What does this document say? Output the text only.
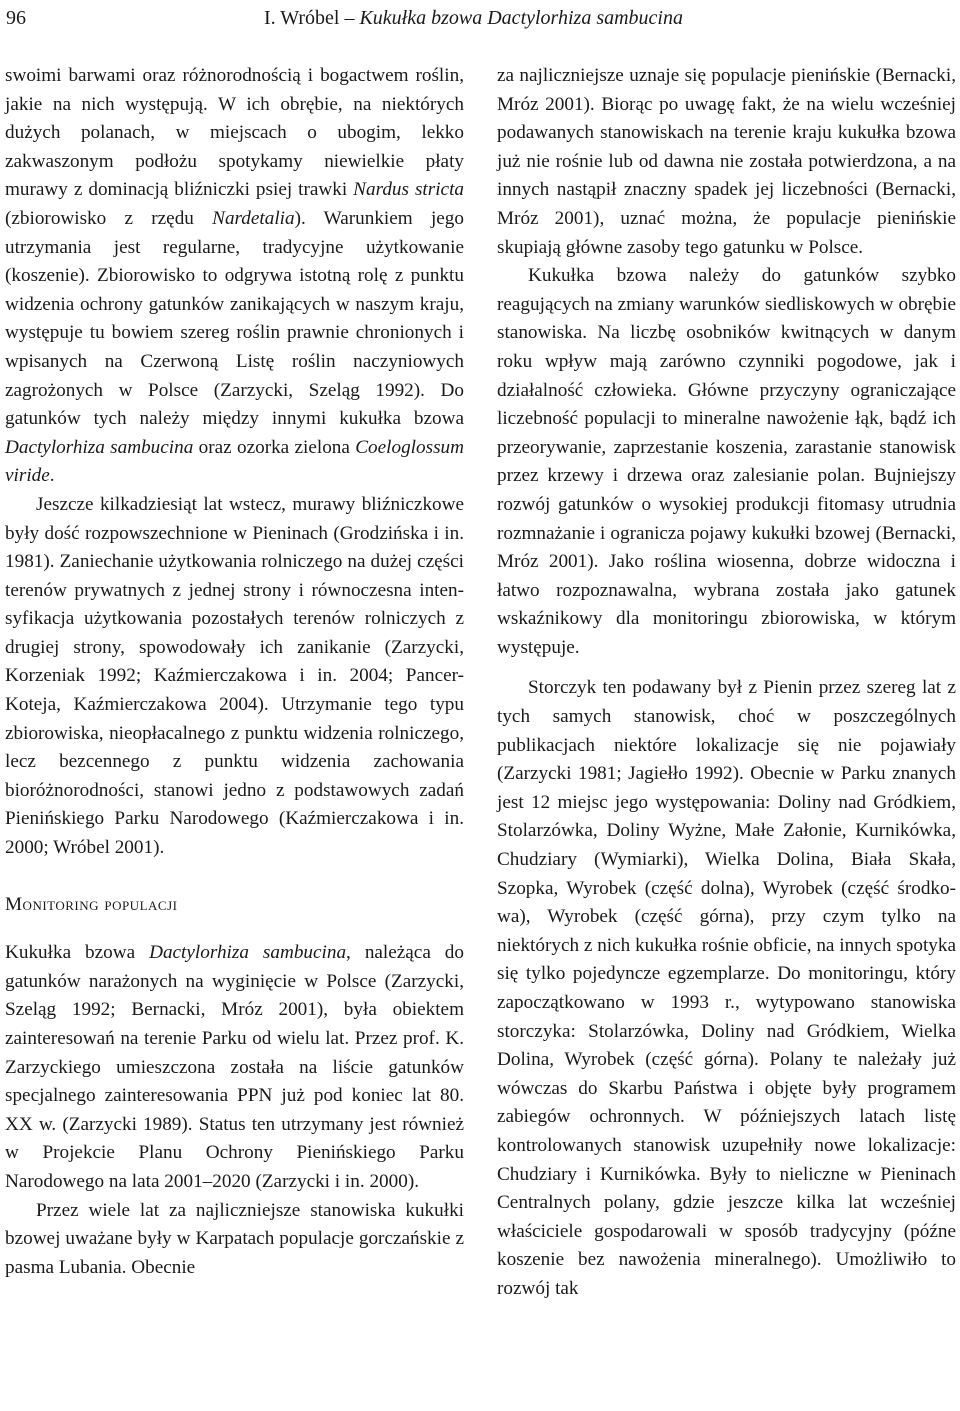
96	I. Wróbel – Kukułka bzowa Dactylorhiza sambucina

swoimi barwami oraz różnorodnością i bogactwem roślin, jakie na nich występują. W ich obrębie, na niektórych dużych polanach, w miejscach o ubogim, lekko zakwaszonym podłożu spotykamy niewielkie płaty murawy z dominacją bliźniczki psiej trawki Nardus stricta (zbiorowisko z rzędu Nardetalia). Warunkiem jego utrzymania jest regularne, tradycyjne użytkowanie (koszenie). Zbiorowisko to odgrywa istotną rolę z punktu widzenia ochrony gatunków zanikających w naszym kraju, występuje tu bowiem szereg roślin prawnie chronionych i wpisanych na Czerwoną Listę roślin naczyniowych zagrożonych w Polsce (Zarzycki, Szeląg 1992). Do gatunków tych należy między innymi kukułka bzowa Dactylorhiza sambucina oraz ozorka zielona Coeloglossum viride.

Jeszcze kilkadziesiąt lat wstecz, murawy bliźniczkowe były dość rozpowszechnione w Pieninach (Grodzińska i in. 1981). Zaniechanie użytkowania rolniczego na dużej części terenów prywatnych z jednej strony i równoczesna intensyfikacja użytkowania pozostałych terenów rolniczych z drugiej strony, spowodowały ich zanikanie (Zarzycki, Korzeniak 1992; Kaźmierczakowa i in. 2004; Pancer-Koteja, Kaźmierczakowa 2004). Utrzymanie tego typu zbiorowiska, nieopłacalnego z punktu widzenia rolniczego, lecz bezcennego z punktu widzenia zachowania bioróżnorodności, stanowi jedno z podstawowych zadań Pienińskiego Parku Narodowego (Kaźmierczakowa i in. 2000; Wróbel 2001).

Monitoring populacji

Kukułka bzowa Dactylorhiza sambucina, należąca do gatunków narażonych na wyginięcie w Polsce (Zarzycki, Szeląg 1992; Bernacki, Mróz 2001), była obiektem zainteresowań na terenie Parku od wielu lat. Przez prof. K. Zarzyckiego umieszczona została na liście gatunków specjalnego zainteresowania PPN już pod koniec lat 80. XX w. (Zarzycki 1989). Status ten utrzymany jest również w Projekcie Planu Ochrony Pienińskiego Parku Narodowego na lata 2001–2020 (Zarzycki i in. 2000).

Przez wiele lat za najliczniejsze stanowiska kukułki bzowej uważane były w Karpatach populacje gorczańskie z pasma Lubania. Obecnie

za najliczniejsze uznaje się populacje pienińskie (Bernacki, Mróz 2001). Biorąc po uwagę fakt, że na wielu wcześniej podawanych stanowiskach na terenie kraju kukułka bzowa już nie rośnie lub od dawna nie została potwierdzona, a na innych nastąpił znaczny spadek jej liczebności (Bernacki, Mróz 2001), uznać można, że populacje pienińskie skupiają główne zasoby tego gatunku w Polsce.

Kukułka bzowa należy do gatunków szybko reagujących na zmiany warunków siedliskowych w obrębie stanowiska. Na liczbę osobników kwitnących w danym roku wpływ mają zarówno czynniki pogodowe, jak i działalność człowieka. Główne przyczyny ograniczające liczebność populacji to mineralne nawożenie łąk, bądź ich przeorywanie, zaprzestanie koszenia, zarastanie stanowisk przez krzewy i drzewa oraz zalesianie polan. Bujniejszy rozwój gatunków o wysokiej produkcji fitomasy utrudnia rozmnażanie i ogranicza pojawy kukułki bzowej (Bernacki, Mróz 2001). Jako roślina wiosenna, dobrze widoczna i łatwo rozpoznawalna, wybrana została jako gatunek wskaźnikowy dla monitoringu zbiorowiska, w którym występuje.

Storczyk ten podawany był z Pienin przez szereg lat z tych samych stanowisk, choć w poszczególnych publikacjach niektóre lokalizacje się nie pojawiały (Zarzycki 1981; Jagiełło 1992). Obecnie w Parku znanych jest 12 miejsc jego występowania: Doliny nad Gródkiem, Stolarzówka, Doliny Wyżne, Małe Załonie, Kurnikówka, Chudziary (Wymiarki), Wielka Dolina, Biała Skała, Szopka, Wyrobek (część dolna), Wyrobek (część środkowa), Wyrobek (część górna), przy czym tylko na niektórych z nich kukułka rośnie obficie, na innych spotyka się tylko pojedyncze egzemplarze. Do monitoringu, który zapoczątkowano w 1993 r., wytypowano stanowiska storczyka: Stolarzówka, Doliny nad Gródkiem, Wielka Dolina, Wyrobek (część górna). Polany te należały już wówczas do Skarbu Państwa i objęte były programem zabiegów ochronnych. W późniejszych latach listę kontrolowanych stanowisk uzupełniły nowe lokalizacje: Chudziary i Kurnikówka. Były to nieliczne w Pieninach Centralnych polany, gdzie jeszcze kilka lat wcześniej właściciele gospodarowali w sposób tradycyjny (późne koszenie bez nawożenia mineralnego). Umożliwiło to rozwój tak
